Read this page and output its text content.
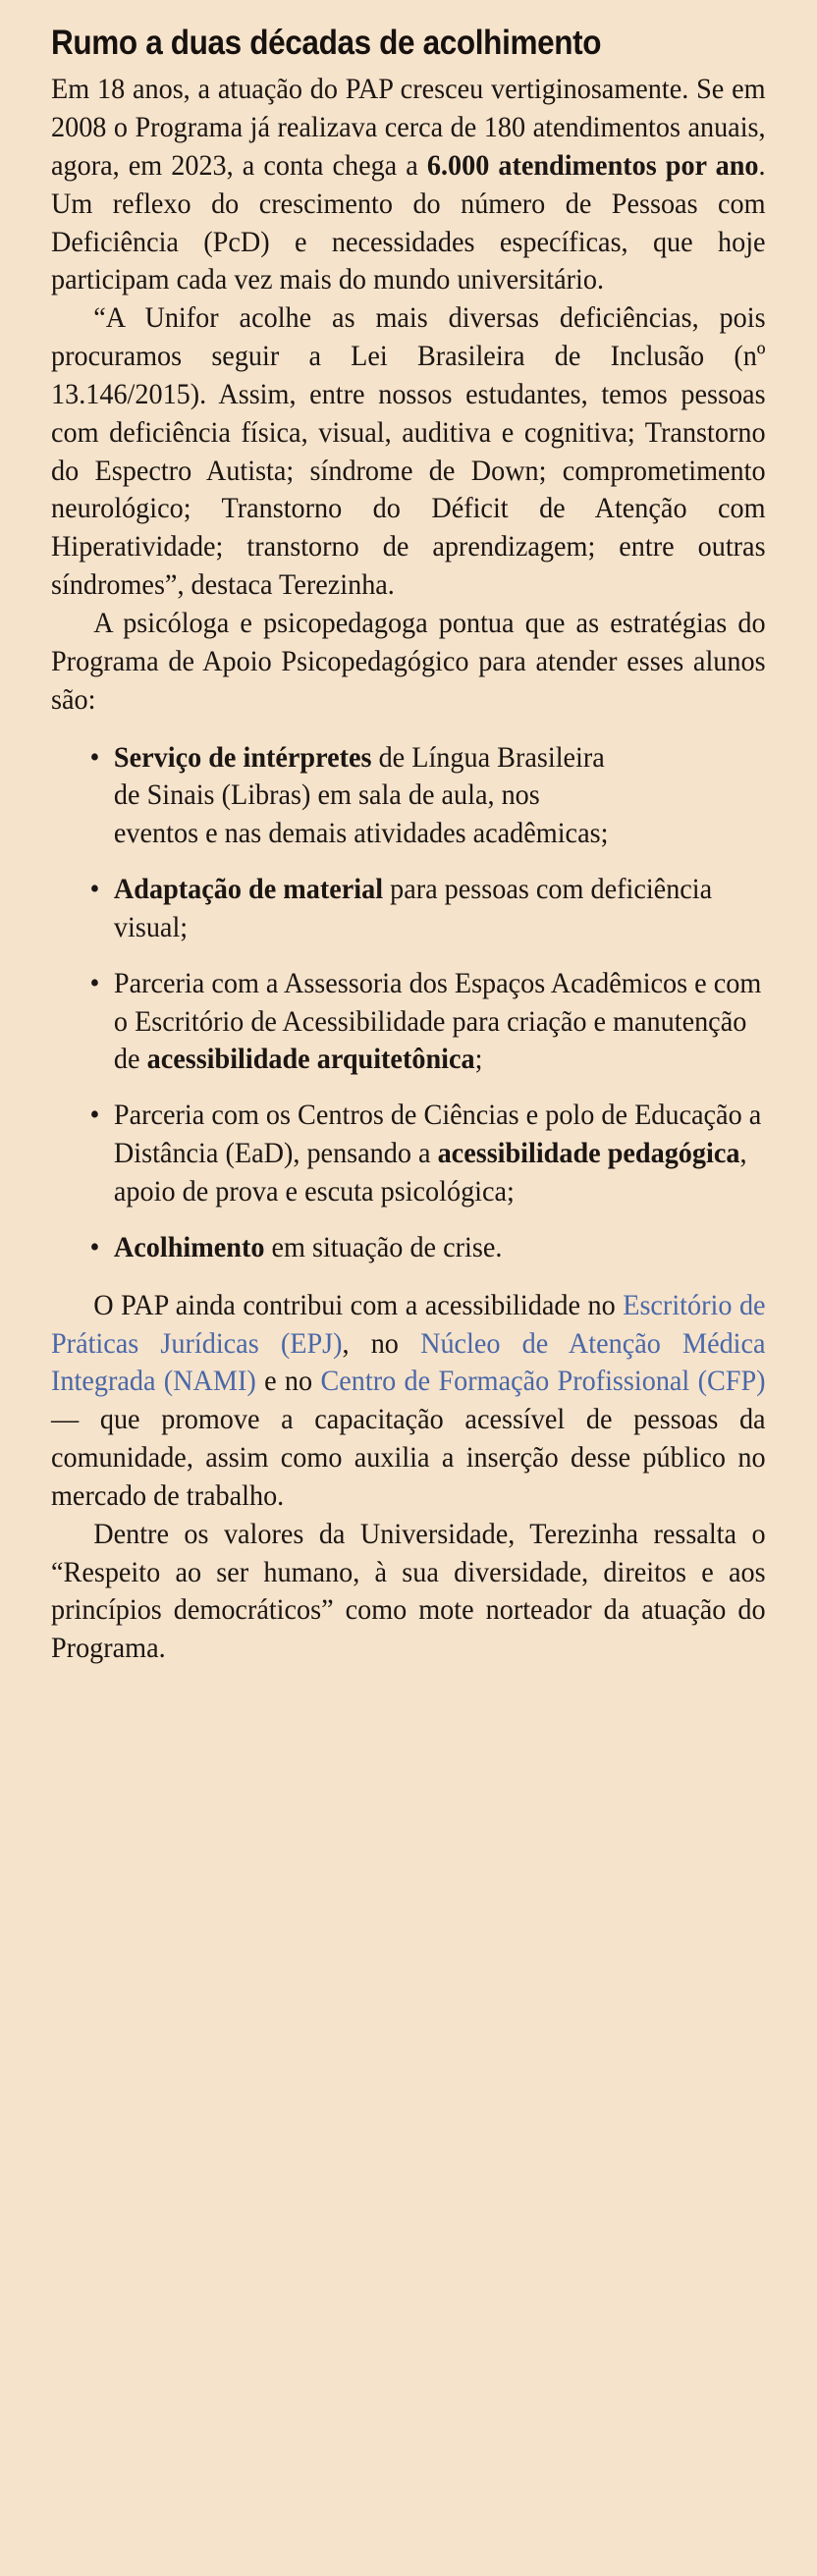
Rumo a duas décadas de acolhimento

Em 18 anos, a atuação do PAP cresceu vertiginosamente. Se em 2008 o Programa já realizava cerca de 180 atendimentos anuais, agora, em 2023, a conta chega a 6.000 atendimentos por ano. Um reflexo do crescimento do número de Pessoas com Deficiência (PcD) e necessidades específicas, que hoje participam cada vez mais do mundo universitário.

“A Unifor acolhe as mais diversas deficiências, pois procuramos seguir a Lei Brasileira de Inclusão (nº 13.146/2015). Assim, entre nossos estudantes, temos pessoas com deficiência física, visual, auditiva e cognitiva; Transtorno do Espectro Autista; síndrome de Down; comprometimento neurológico; Transtorno do Déficit de Atenção com Hiperatividade; transtorno de aprendizagem; entre outras síndromes”, destaca Terezinha.

A psicóloga e psicopedagoga pontua que as estratégias do Programa de Apoio Psicopedagógico para atender esses alunos são:

• Serviço de intérpretes de Língua Brasileira de Sinais (Libras) em sala de aula, nos eventos e nas demais atividades acadêmicas;
• Adaptação de material para pessoas com deficiência visual;
• Parceria com a Assessoria dos Espaços Acadêmicos e com o Escritório de Acessibilidade para criação e manutenção de acessibilidade arquitetônica;
• Parceria com os Centros de Ciências e polo de Educação a Distância (EaD), pensando a acessibilidade pedagógica, apoio de prova e escuta psicológica;
• Acolhimento em situação de crise.

O PAP ainda contribui com a acessibilidade no Escritório de Práticas Jurídicas (EPJ), no Núcleo de Atenção Médica Integrada (NAMI) e no Centro de Formação Profissional (CFP) — que promove a capacitação acessível de pessoas da comunidade, assim como auxilia a inserção desse público no mercado de trabalho.

Dentre os valores da Universidade, Terezinha ressalta o “Respeito ao ser humano, à sua diversidade, direitos e aos princípios democráticos” como mote norteador da atuação do Programa.
